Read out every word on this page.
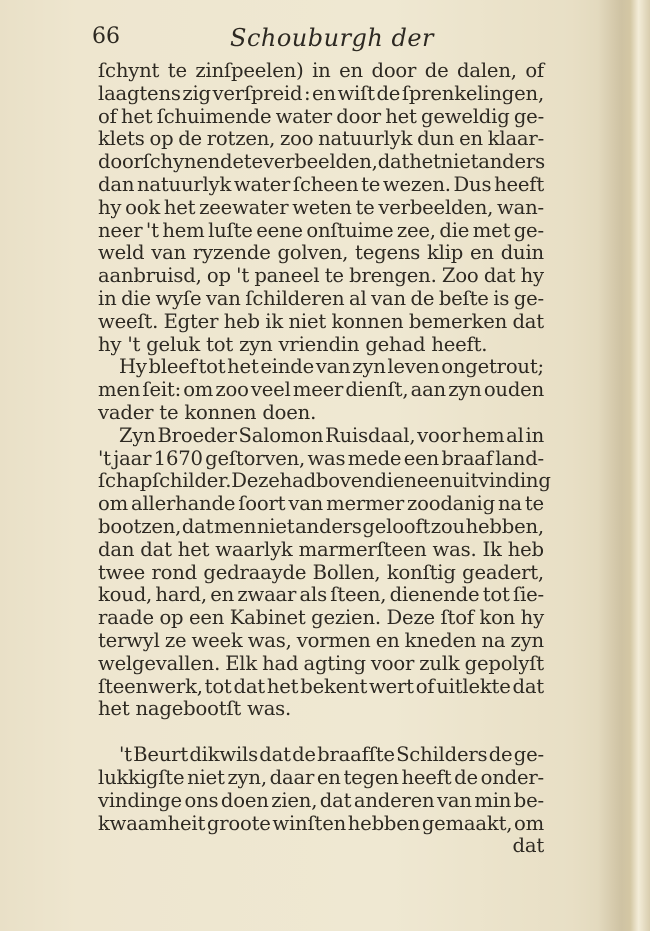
66	Schouburgh der
ſchynt te zinſpeelen) in en door de dalen, of
laagtens zig verſpreid : en wiſt de ſprenkelingen,
of het ſchuimende water door het geweldig ge-
klets op de rotzen, zoo natuurlyk dun en klaar-
doorſchynende te verbeelden, dat het niet anders
dan natuurlyk water ſcheen te wezen. Dus heeft
hy ook het zeewater weten te verbeelden, wan-
neer 't hem luſte eene onſtuime zee, die met ge-
weld van ryzende golven, tegens klip en duin
aanbruisd, op 't paneel te brengen. Zoo dat hy
in die wyſe van ſchilderen al van de beſte is ge-
weeſt. Egter heb ik niet konnen bemerken dat
hy 't geluk tot zyn vriendin gehad heeft.
Hy bleef tot het einde van zyn leven ongetrout;
men ſeit: om zoo veel meer dienſt, aan zyn ouden
vader te konnen doen.
Zyn Broeder Salomon Ruisdaal, voor hem al in
't jaar 1670 geſtorven, was mede een braaf land-
ſchapſchilder. Deze had boven dien een uitvinding
om allerhande ſoort van mermer zoodanig na te
bootzen, dat men niet anders gelooft zou hebben,
dan dat het waarlyk marmerſteen was. Ik heb
twee rond gedraayde Bollen, konſtig geadert,
koud, hard, en zwaar als ſteen, dienende tot ſie-
raade op een Kabinet gezien. Deze ſtof kon hy
terwyl ze week was, vormen en kneden na zyn
welgevallen. Elk had agting voor zulk gepolyſt
ſteenwerk, tot dat het bekent wert of uitlekte dat
het nagebootſt was.
't Beurt dikwils dat de braafſte Schilders de ge-
lukkigſte niet zyn, daar en tegen heeft de onder-
vindinge ons doen zien, dat anderen van min be-
kwaamheit groote winſten hebben gemaakt, om
dat
